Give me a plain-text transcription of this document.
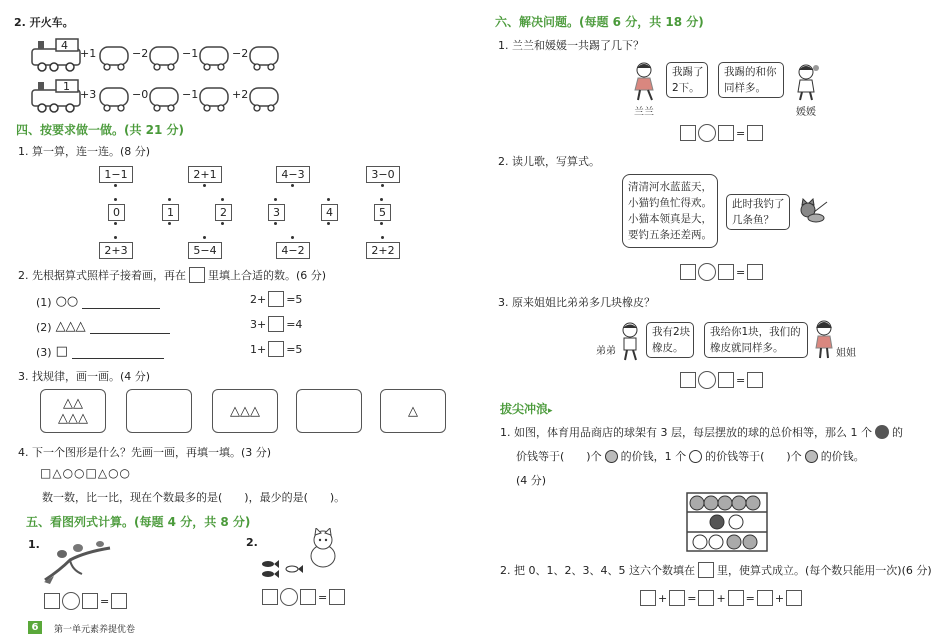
2. 开火车。
4
+1	−2	−1	−2
1
+3	−0	−1	+2
四、按要求做一做。(共 21 分)
1. 算一算，连一连。(8 分)
1−1	2+1	4−3	3−0
0	1	2	3	4	5
2+3	5−4	4−2	2+2
2. 先根据算式照样子接着画，再在 里填上合适的数。(6 分)
(1) ○○
(2) △△△
(3) □
2+ =5
3+ =4
1+ =5
3. 找规律，画一画。(4 分)
△△
△△△	△△△	△
4. 下一个图形是什么？先画一画，再填一填。(3 分)
□△○○□△○○
数一数，比一比，现在个数最多的是(　　)，最少的是(　　)。
五、看图列式计算。(每题 4 分，共 8 分)
1.	2.
=	=
6	第一单元素养提优卷
六、解决问题。(每题 6 分，共 18 分)
1. 兰兰和媛媛一共踢了几下？
兰兰
我踢了
2下。
我踢的和你
同样多。
媛媛
=
2. 读儿歌，写算式。
清清河水蓝蓝天，
小猫钓鱼忙得欢。
小猫本领真是大，
要钓五条还差两。
此时我钓了
几条鱼？
=
3. 原来姐姐比弟弟多几块橡皮？
弟弟
我有2块
橡皮。
我给你1块，我们的
橡皮就同样多。	姐姐
=
拔尖冲浪▸
1. 如图，体育用品商店的球架有 3 层，每层摆放的球的总价相等，那么 1 个 的
价钱等于(　　)个 的价钱，1 个 的价钱等于(　　)个 的价钱。
(4 分)
2. 把 0、1、2、3、4、5 这六个数填在 里，使算式成立。(每个数只能用一次)(6 分)
+ = + = +
